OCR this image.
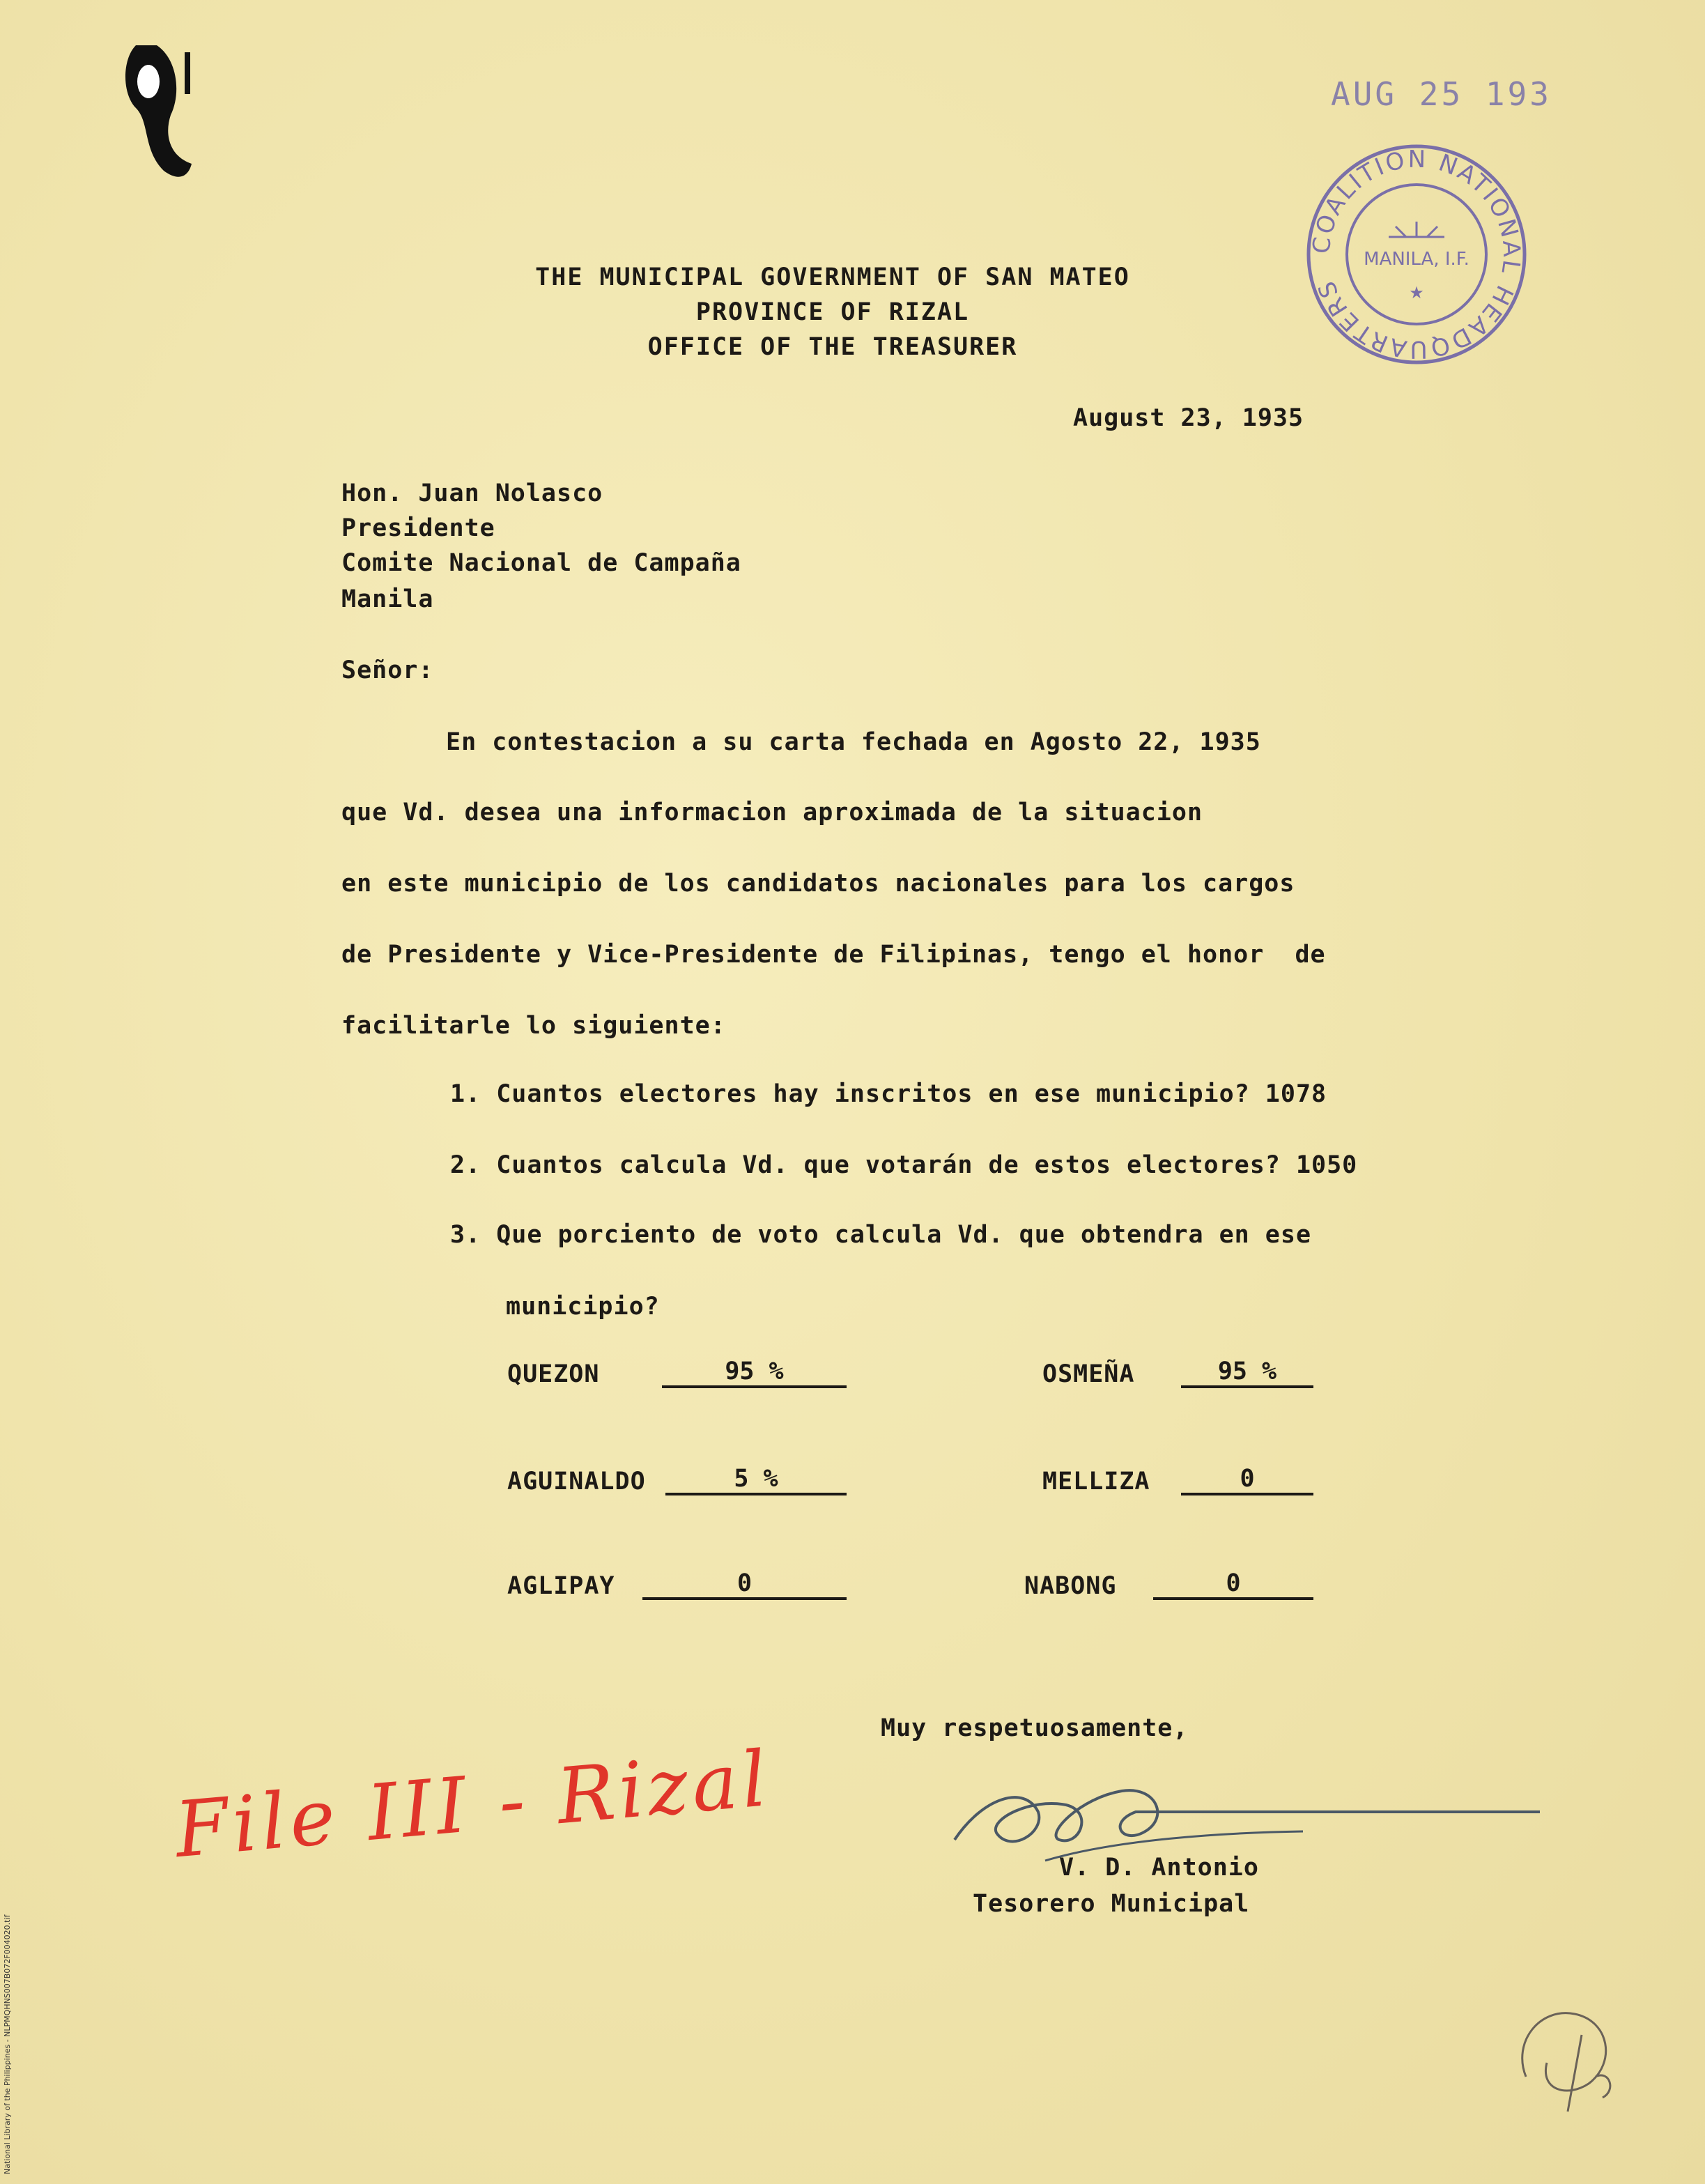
AUG 25 193
COALITION NATIONAL HEADQUARTERS
MANILA, I.F.
★
THE MUNICIPAL GOVERNMENT OF SAN MATEO
PROVINCE OF RIZAL
OFFICE OF THE TREASURER
August 23, 1935
Hon. Juan Nolasco
Presidente
Comite Nacional de Campaña
Manila
Señor:
En contestacion a su carta fechada en Agosto 22, 1935
que Vd. desea una informacion aproximada de la situacion
en este municipio de los candidatos nacionales para los cargos
de Presidente y Vice-Presidente de Filipinas, tengo el honor  de
facilitarle lo siguiente:
1. Cuantos electores hay inscritos en ese municipio? 1078
2. Cuantos calcula Vd. que votarán de estos electores? 1050
3. Que porciento de voto calcula Vd. que obtendra en ese
municipio?
QUEZON	95 %	OSMEÑA	95 %
AGUINALDO	5 %	MELLIZA	0
AGLIPAY	0	NABONG	0
Muy respetuosamente,
File III - Rizal	V. D. Antonio
Tesorero Municipal
National Library of the Philippines - NLPMQHNS007B072F004020.tif
